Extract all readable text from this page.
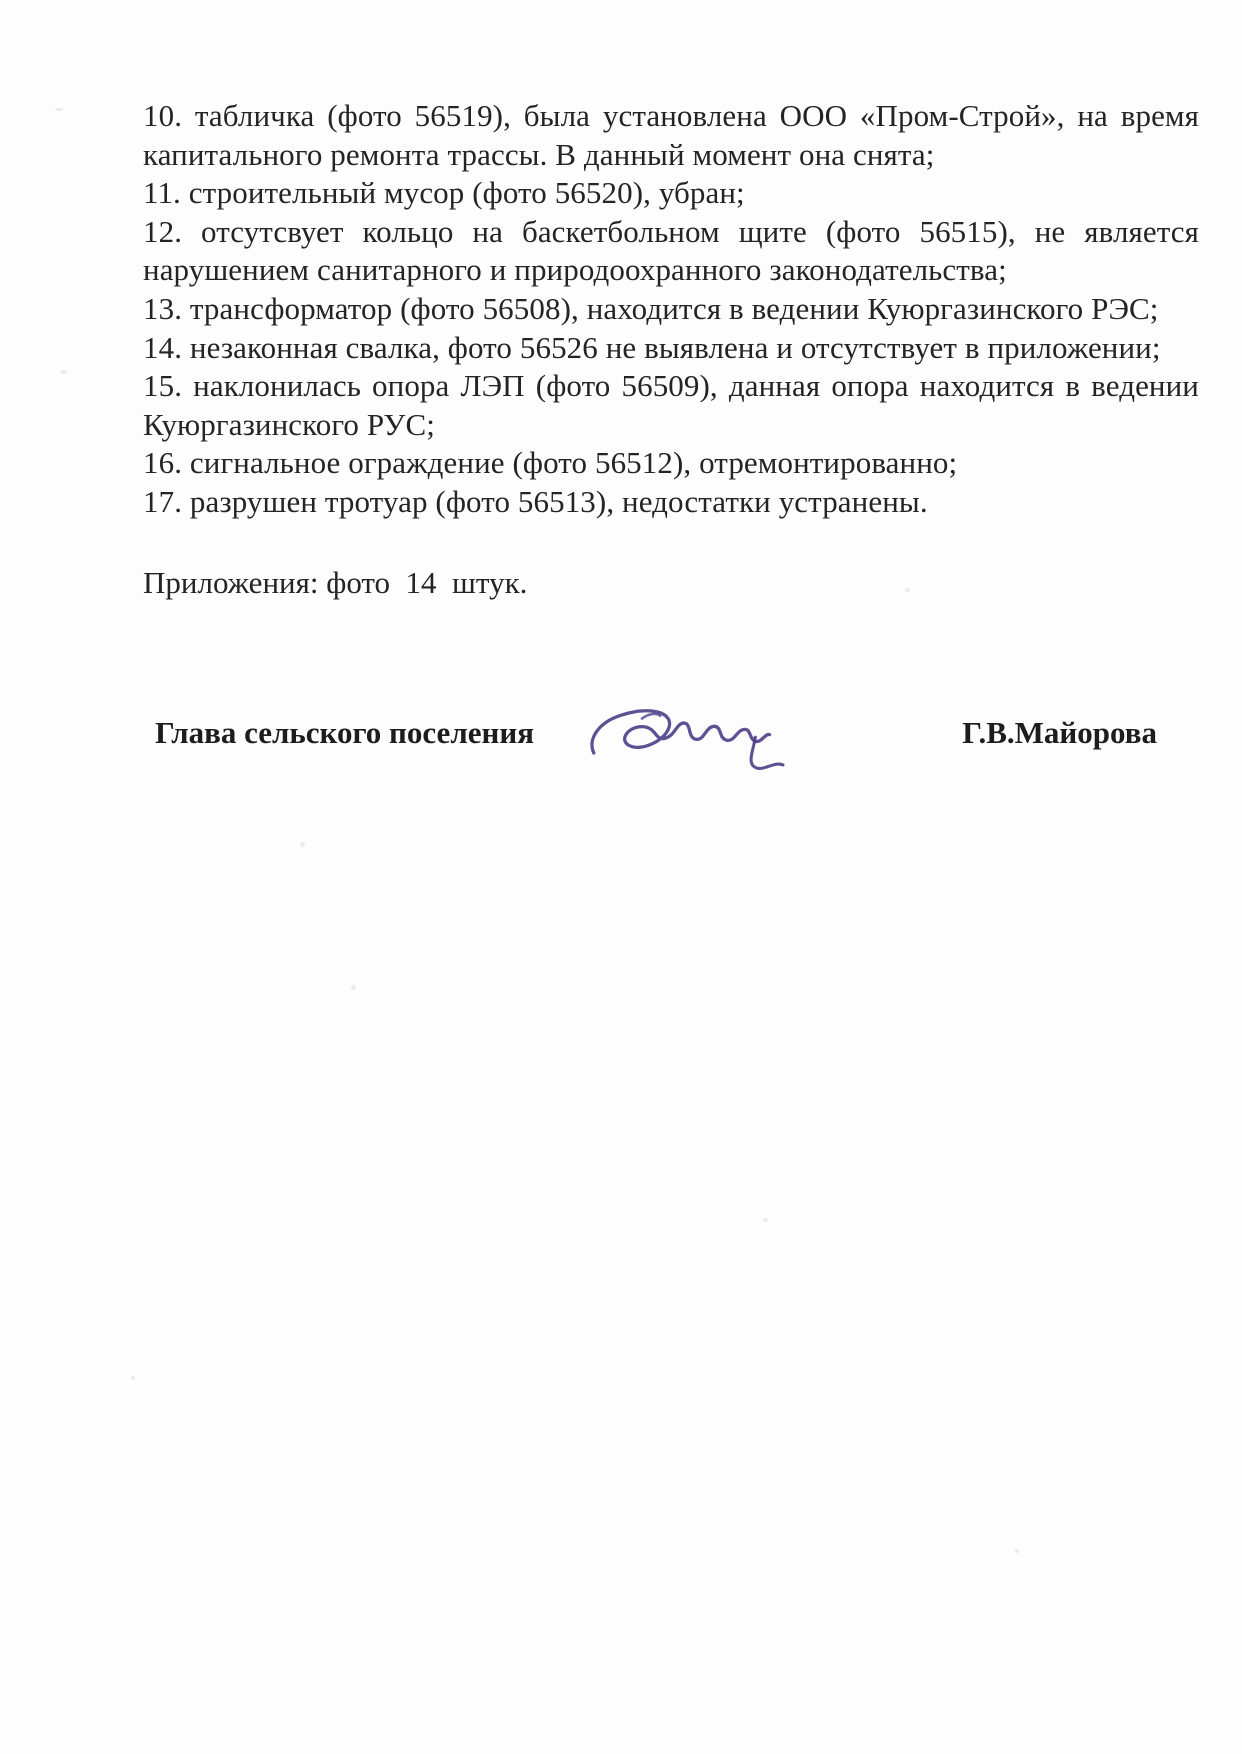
10. табличка (фото 56519), была установлена ООО «Пром-Строй», на время капитального ремонта трассы. В данный момент она снята;

11. строительный мусор (фото 56520), убран;

12. отсутсвует кольцо на баскетбольном щите (фото 56515), не является нарушением санитарного и природоохранного законодательства;

13. трансформатор (фото 56508), находится в ведении Куюргазинского РЭС;

14. незаконная свалка, фото 56526 не выявлена и отсутствует в приложении;

15. наклонилась опора ЛЭП (фото 56509), данная опора находится в ведении Куюргазинского РУС;

16. сигнальное ограждение (фото 56512), отремонтированно;

17. разрушен тротуар (фото 56513), недостатки устранены.

Приложения: фото  14  штук.

Глава сельского поселения	Г.В.Майорова
